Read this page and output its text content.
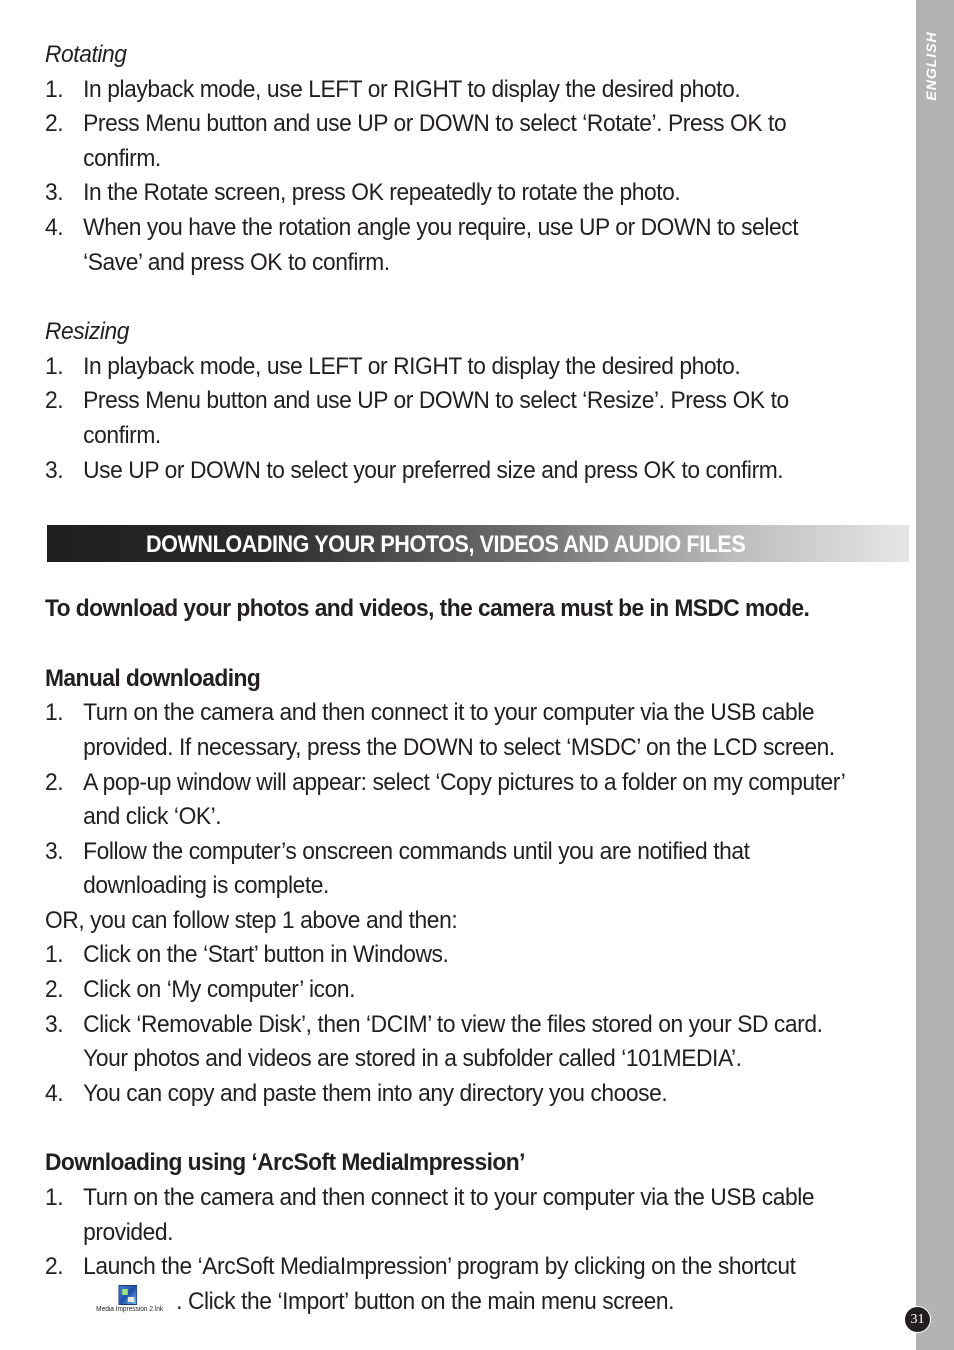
ENGLISH
31
DOWNLOADING YOUR PHOTOS, VIDEOS AND AUDIO FILES

Rotating

1. In playback mode, use LEFT or RIGHT to display the desired photo.
2. Press Menu button and use UP or DOWN to select ‘Rotate’. Press OK to confirm.
3. In the Rotate screen, press OK repeatedly to rotate the photo.
4. When you have the rotation angle you require, use UP or DOWN to select ‘Save’ and press OK to confirm.

Resizing

1. In playback mode, use LEFT or RIGHT to display the desired photo.
2. Press Menu button and use UP or DOWN to select ‘Resize’. Press OK to confirm.
3. Use UP or DOWN to select your preferred size and press OK to confirm.

To download your photos and videos, the camera must be in MSDC mode.

Manual downloading

1. Turn on the camera and then connect it to your computer via the USB cable provided. If necessary, press the DOWN to select ‘MSDC’ on the LCD screen.
2. A pop-up window will appear: select ‘Copy pictures to a folder on my computer’ and click ‘OK’.
3. Follow the computer’s onscreen commands until you are notified that downloading is complete.

OR, you can follow step 1 above and then:

1. Click on the ‘Start’ button in Windows.
2. Click on ‘My computer’ icon.
3. Click ‘Removable Disk’, then ‘DCIM’ to view the files stored on your SD card. Your photos and videos are stored in a subfolder called ‘101MEDIA’.
4. You can copy and paste them into any directory you choose.

Downloading using ‘ArcSoft MediaImpression’

1. Turn on the camera and then connect it to your computer via the USB cable provided.
2. Launch the ‘ArcSoft MediaImpression’ program by clicking on the shortcut
Media Impression 2.lnk . Click the ‘Import’ button on the main menu screen.
